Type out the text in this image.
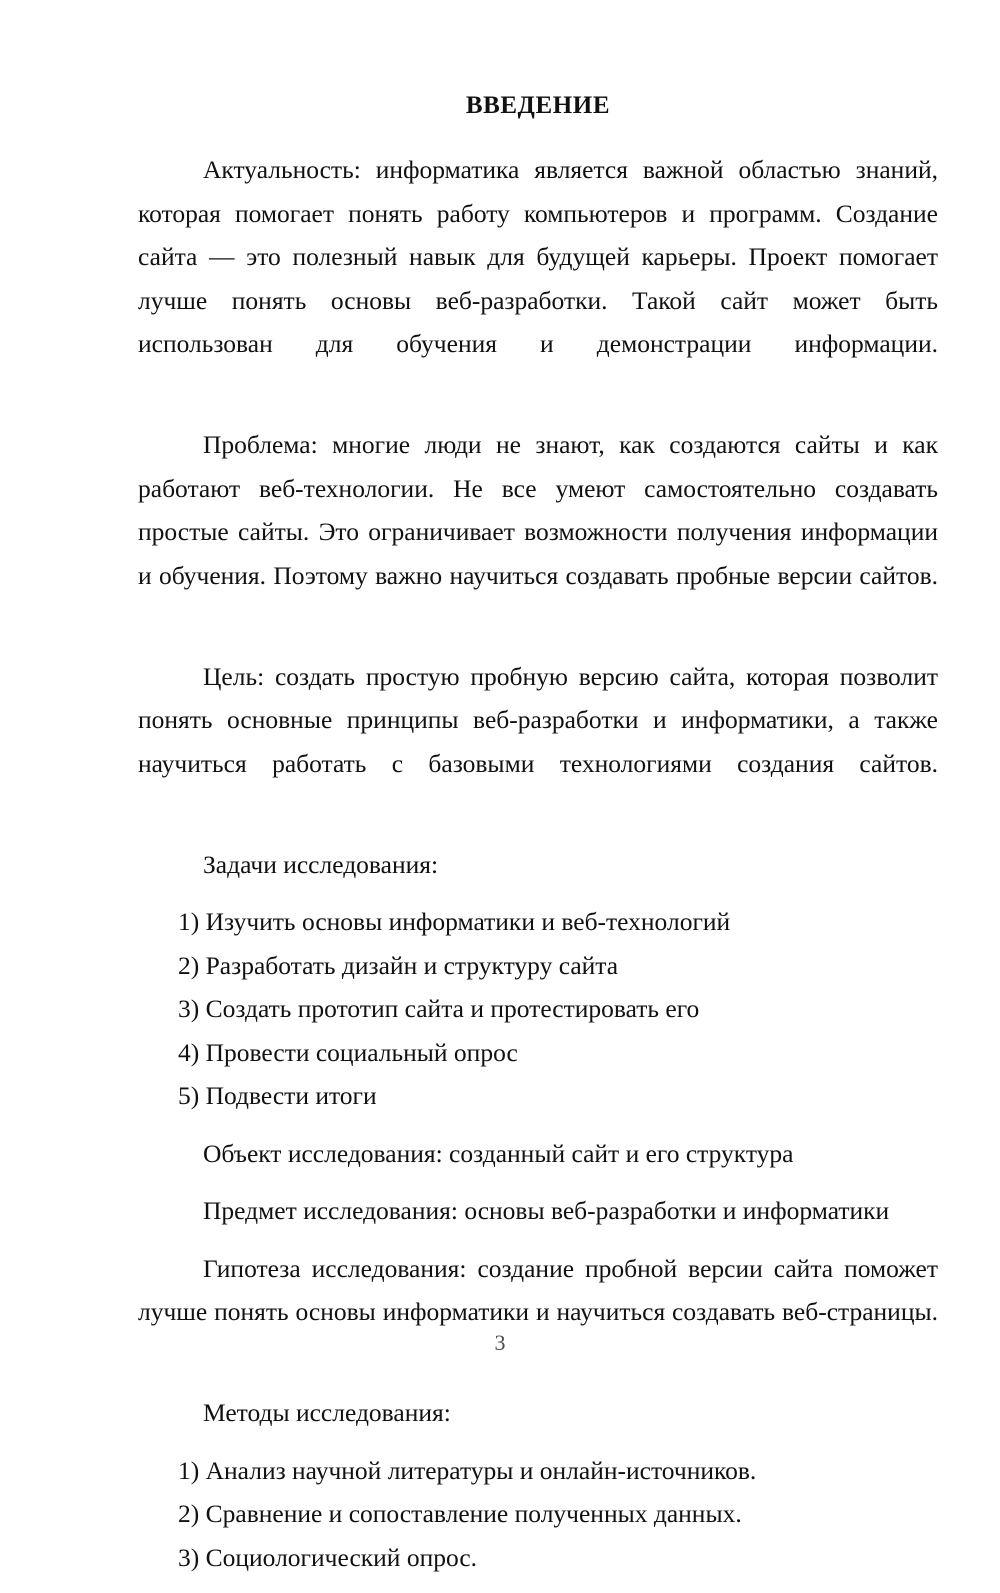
ВВЕДЕНИЕ

Актуальность: информатика является важной областью знаний, которая помогает понять работу компьютеров и программ. Создание сайта — это полезный навык для будущей карьеры. Проект помогает лучше понять основы веб-разработки. Такой сайт может быть использован для обучения и демонстрации информации.

Проблема: многие люди не знают, как создаются сайты и как работают веб-технологии. Не все умеют самостоятельно создавать простые сайты. Это ограничивает возможности получения информации и обучения. Поэтому важно научиться создавать пробные версии сайтов.

Цель: создать простую пробную версию сайта, которая позволит понять основные принципы веб-разработки и информатики, а также научиться работать с базовыми технологиями создания сайтов.

Задачи исследования:
1) Изучить основы информатики и веб-технологий
2) Разработать дизайн и структуру сайта
3) Создать прототип сайта и протестировать его
4) Провести социальный опрос
5) Подвести итоги
Объект исследования: созданный сайт и его структура
Предмет исследования: основы веб-разработки и информатики

Гипотеза исследования: создание пробной версии сайта поможет лучше понять основы информатики и научиться создавать веб-страницы.

Методы исследования:
1) Анализ научной литературы и онлайн-источников.
2) Сравнение и сопоставление полученных данных.
3) Социологический опрос.
3
